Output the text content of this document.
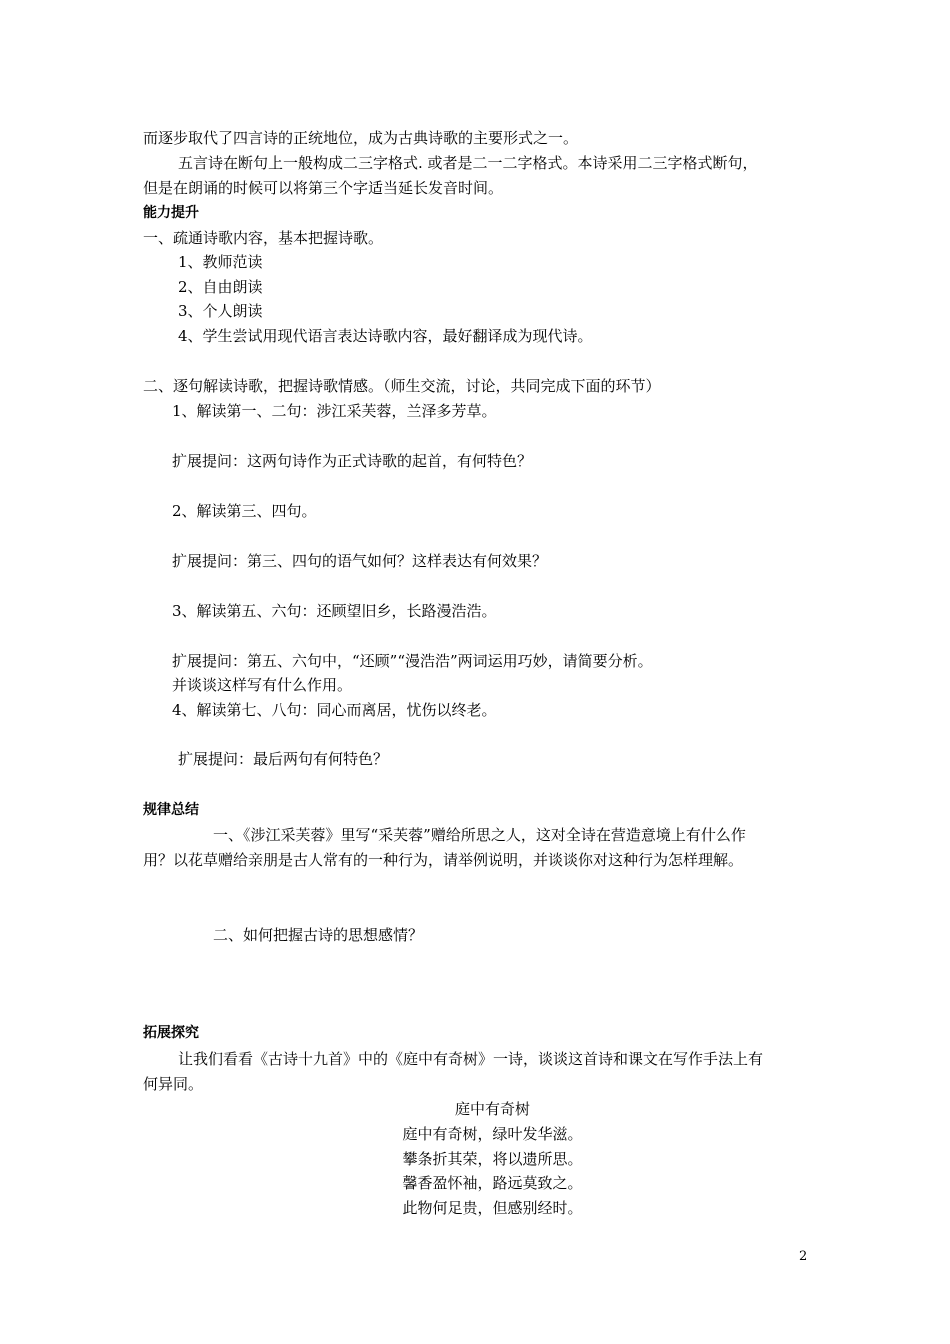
而逐步取代了四言诗的正统地位，成为古典诗歌的主要形式之一。
五言诗在断句上一般构成二三字格式. 或者是二一二字格式。本诗采用二三字格式断句，
但是在朗诵的时候可以将第三个字适当延长发音时间。
能力提升
一、疏通诗歌内容，基本把握诗歌。
1、教师范读
2、自由朗读
3、个人朗读
4、学生尝试用现代语言表达诗歌内容，最好翻译成为现代诗。
二、逐句解读诗歌，把握诗歌情感。（师生交流，讨论，共同完成下面的环节）
1、解读第一、二句：涉江采芙蓉，兰泽多芳草。
扩展提问：这两句诗作为正式诗歌的起首，有何特色？
2、解读第三、四句。
扩展提问：第三、四句的语气如何？这样表达有何效果？
3、解读第五、六句：还顾望旧乡，长路漫浩浩。
扩展提问：第五、六句中，“还顾”“漫浩浩”两词运用巧妙，请简要分析。
并谈谈这样写有什么作用。
4、解读第七、八句：同心而离居，忧伤以终老。
扩展提问：最后两句有何特色？
规律总结
一、《涉江采芙蓉》里写“采芙蓉”赠给所思之人，这对全诗在营造意境上有什么作
用？以花草赠给亲朋是古人常有的一种行为，请举例说明，并谈谈你对这种行为怎样理解。
二、如何把握古诗的思想感情？
拓展探究
让我们看看《古诗十九首》中的《庭中有奇树》一诗，谈谈这首诗和课文在写作手法上有
何异同。
庭中有奇树
庭中有奇树，绿叶发华滋。
攀条折其荣，将以遗所思。
馨香盈怀袖，路远莫致之。
此物何足贵，但感别经时。
2
